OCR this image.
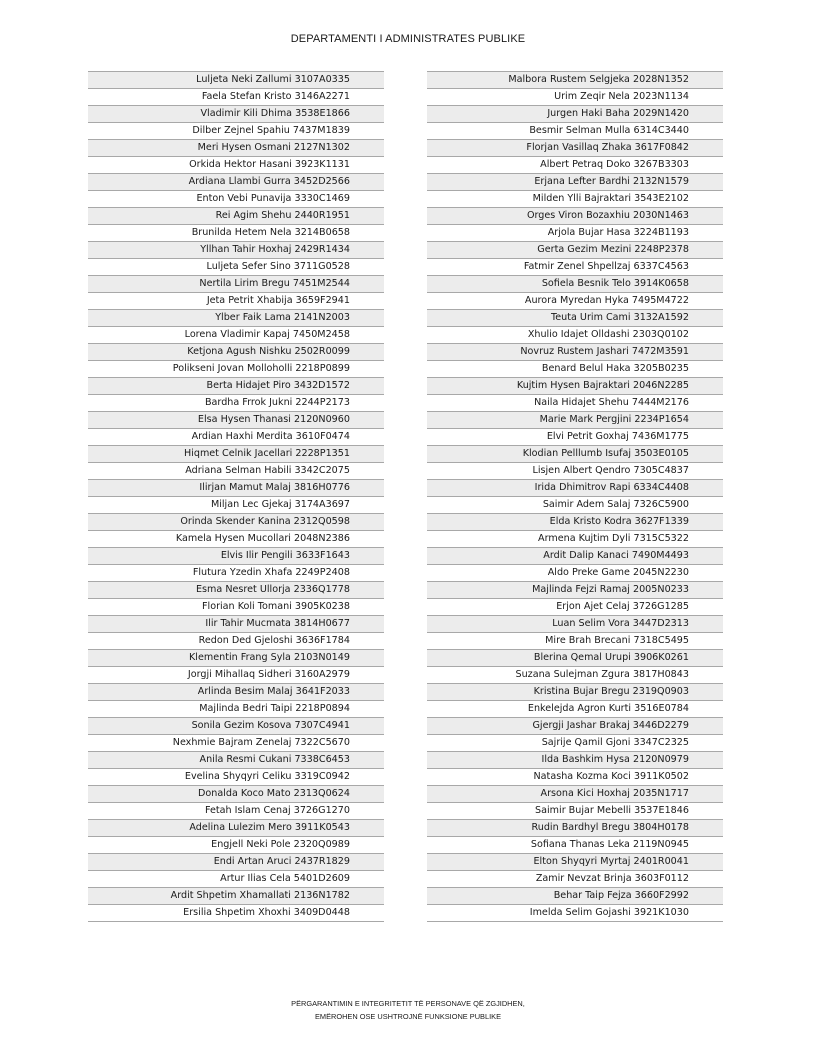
DEPARTAMENTI I ADMINISTRATES PUBLIKE
Luljeta Neki Zallumi 3107A0335
Faela Stefan Kristo 3146A2271
Vladimir Kili Dhima 3538E1866
Dilber Zejnel Spahiu 7437M1839
Meri Hysen Osmani 2127N1302
Orkida Hektor Hasani 3923K1131
Ardiana Llambi Gurra 3452D2566
Enton Vebi Punavija 3330C1469
Rei Agim Shehu 2440R1951
Brunilda Hetem Nela 3214B0658
Yllhan Tahir Hoxhaj 2429R1434
Luljeta Sefer Sino 3711G0528
Nertila Lirim Bregu 7451M2544
Jeta Petrit Xhabija 3659F2941
Ylber Faik Lama 2141N2003
Lorena Vladimir Kapaj 7450M2458
Ketjona Agush Nishku 2502R0099
Polikseni Jovan Molloholli 2218P0899
Berta Hidajet Piro 3432D1572
Bardha Frrok Jukni 2244P2173
Elsa Hysen Thanasi 2120N0960
Ardian Haxhi Merdita 3610F0474
Hiqmet Celnik Jacellari 2228P1351
Adriana Selman Habili 3342C2075
Ilirjan Mamut Malaj 3816H0776
Miljan Lec Gjekaj 3174A3697
Orinda Skender Kanina 2312Q0598
Kamela Hysen Mucollari 2048N2386
Elvis Ilir Pengili 3633F1643
Flutura Yzedin Xhafa 2249P2408
Esma Nesret Ullorja 2336Q1778
Florian Koli Tomani 3905K0238
Ilir Tahir Mucmata 3814H0677
Redon Ded Gjeloshi 3636F1784
Klementin Frang Syla 2103N0149
Jorgji Mihallaq Sidheri 3160A2979
Arlinda Besim Malaj 3641F2033
Majlinda Bedri Taipi 2218P0894
Sonila Gezim Kosova 7307C4941
Nexhmie Bajram Zenelaj 7322C5670
Anila Resmi Cukani 7338C6453
Evelina Shyqyri Celiku 3319C0942
Donalda Koco Mato 2313Q0624
Fetah Islam Cenaj 3726G1270
Adelina Lulezim Mero 3911K0543
Engjell Neki Pole 2320Q0989
Endi Artan Aruci 2437R1829
Artur Ilias Cela 5401D2609
Ardit Shpetim Xhamallati 2136N1782
Ersilia Shpetim Xhoxhi 3409D0448
Malbora Rustem Selgjeka 2028N1352
Urim Zeqir Nela 2023N1134
Jurgen Haki Baha 2029N1420
Besmir Selman Mulla 6314C3440
Florjan Vasillaq Zhaka 3617F0842
Albert Petraq Doko 3267B3303
Erjana Lefter Bardhi 2132N1579
Milden Ylli Bajraktari 3543E2102
Orges Viron Bozaxhiu 2030N1463
Arjola Bujar Hasa 3224B1193
Gerta Gezim Mezini 2248P2378
Fatmir Zenel Shpellzaj 6337C4563
Sofiela Besnik Telo 3914K0658
Aurora Myredan Hyka 7495M4722
Teuta Urim Cami 3132A1592
Xhulio Idajet Olldashi 2303Q0102
Novruz Rustem Jashari 7472M3591
Benard Belul Haka 3205B0235
Kujtim Hysen Bajraktari 2046N2285
Naila Hidajet Shehu 7444M2176
Marie Mark Pergjini 2234P1654
Elvi Petrit Goxhaj 7436M1775
Klodian Pelllumb Isufaj 3503E0105
Lisjen Albert Qendro 7305C4837
Irida Dhimitrov Rapi 6334C4408
Saimir Adem Salaj 7326C5900
Elda Kristo Kodra 3627F1339
Armena Kujtim Dyli 7315C5322
Ardit Dalip Kanaci 7490M4493
Aldo Preke Game 2045N2230
Majlinda Fejzi Ramaj 2005N0233
Erjon Ajet Celaj 3726G1285
Luan Selim Vora 3447D2313
Mire Brah Brecani 7318C5495
Blerina Qemal Urupi 3906K0261
Suzana Sulejman Zgura 3817H0843
Kristina Bujar Bregu 2319Q0903
Enkelejda Agron Kurti 3516E0784
Gjergji Jashar Brakaj 3446D2279
Sajrije Qamil Gjoni 3347C2325
Ilda Bashkim Hysa 2120N0979
Natasha Kozma Koci 3911K0502
Arsona Kici Hoxhaj 2035N1717
Saimir Bujar Mebelli 3537E1846
Rudin Bardhyl Bregu 3804H0178
Sofiana Thanas Leka 2119N0945
Elton Shyqyri Myrtaj 2401R0041
Zamir Nevzat Brinja 3603F0112
Behar Taip Fejza 3660F2992
Imelda Selim Gojashi 3921K1030
PËRGARANTIMIN E INTEGRITETIT TË PERSONAVE QË ZGJIDHEN,
EMËROHEN OSE USHTROJNË FUNKSIONE PUBLIKE
